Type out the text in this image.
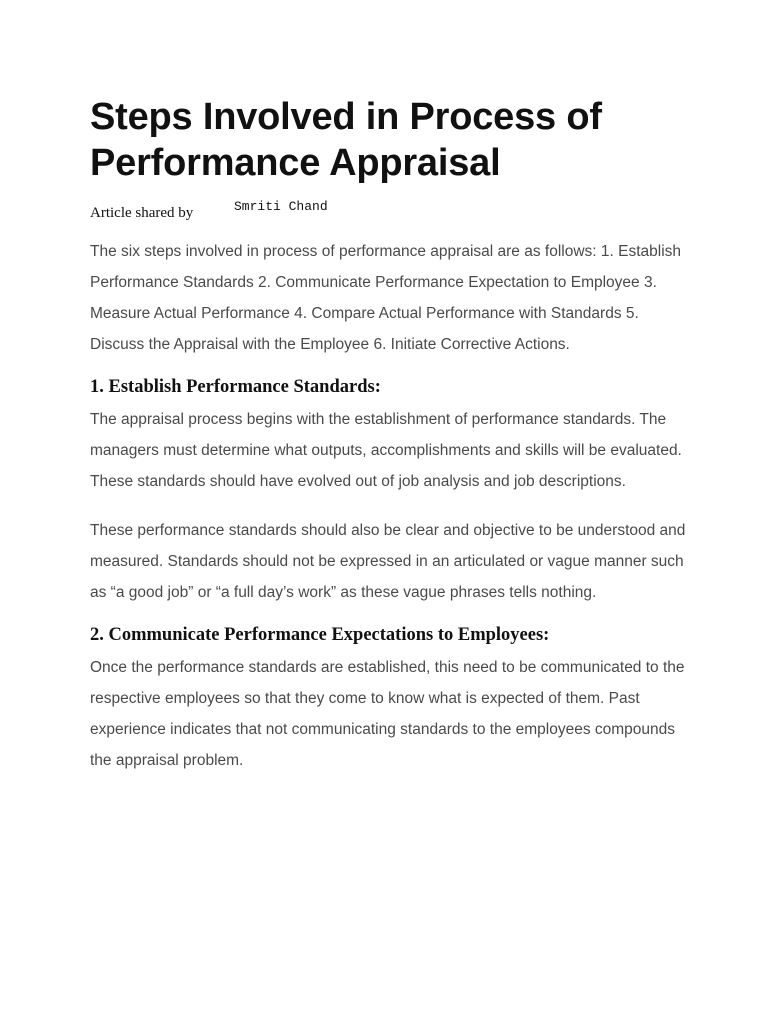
Steps Involved in Process of Performance Appraisal
Article shared by	Smriti Chand

The six steps involved in process of performance appraisal are as follows: 1. Establish Performance Standards 2. Communicate Performance Expectation to Employee 3. Measure Actual Performance 4. Compare Actual Performance with Standards 5. Discuss the Appraisal with the Employee 6. Initiate Corrective Actions.

1. Establish Performance Standards:

The appraisal process begins with the establishment of performance standards. The managers must determine what outputs, accomplishments and skills will be evaluated. These standards should have evolved out of job analysis and job descriptions.

These performance standards should also be clear and objective to be understood and measured. Standards should not be expressed in an articulated or vague manner such as “a good job” or “a full day’s work” as these vague phrases tells nothing.

2. Communicate Performance Expectations to Employees:

Once the performance standards are established, this need to be communicated to the respective employees so that they come to know what is expected of them. Past experience indicates that not communicating standards to the employees compounds the appraisal problem.
